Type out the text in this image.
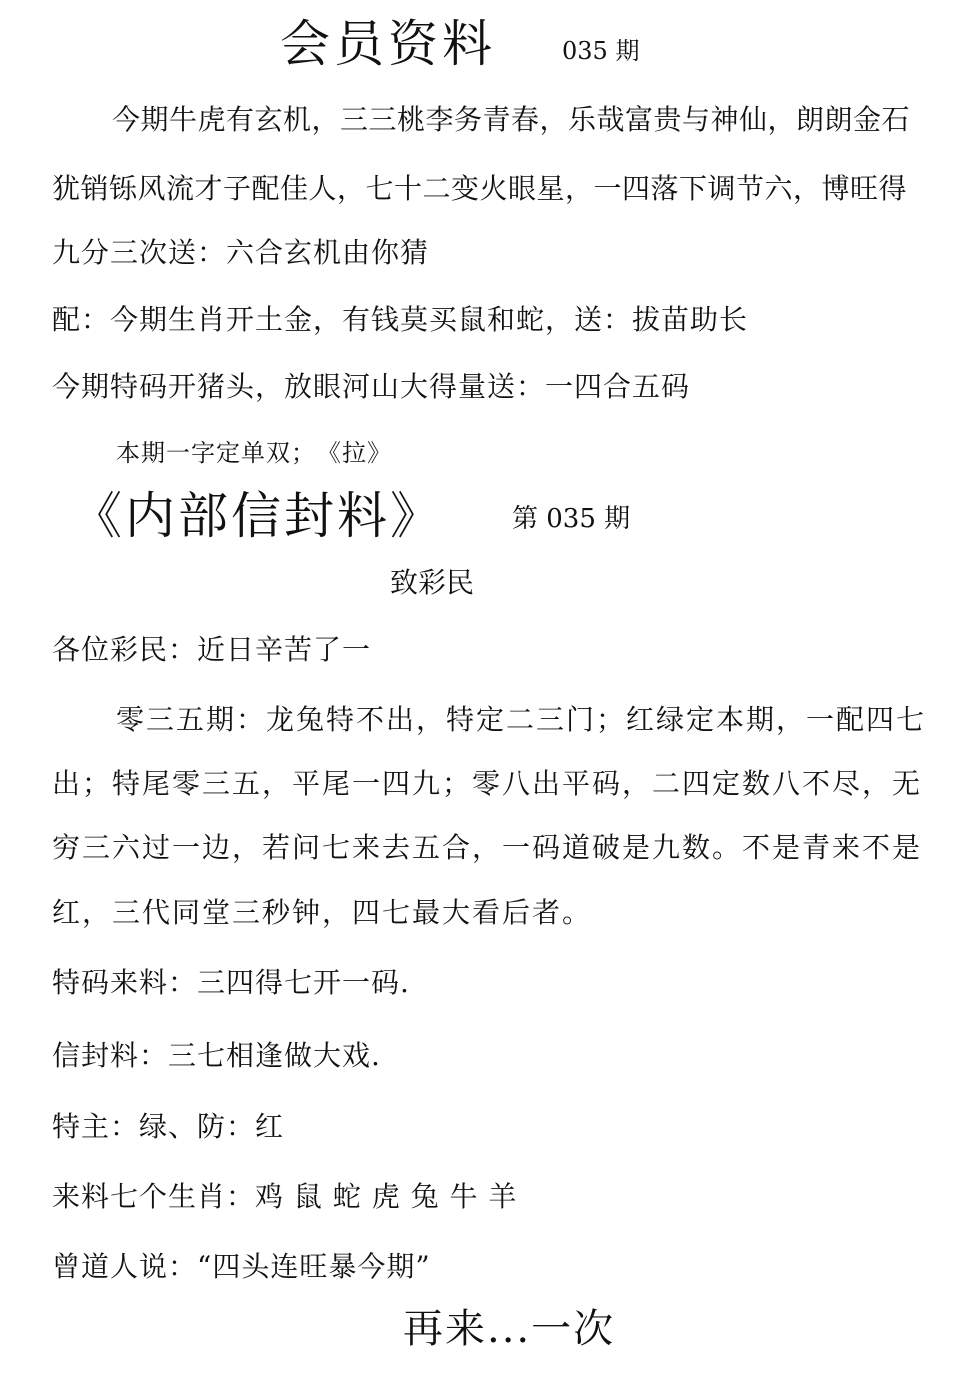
会员资料	035 期
今期牛虎有玄机，三三桃李务青春，乐哉富贵与神仙，朗朗金石
犹销铄风流才子配佳人，七十二变火眼星，一四落下调节六，博旺得
九分三次送：六合玄机由你猜
配：今期生肖开土金，有钱莫买鼠和蛇，送：拔苗助长
今期特码开猪头，放眼河山大得量送：一四合五码
本期一字定单双；　《拉》
《内部信封料》	第 035 期
致彩民
各位彩民：近日辛苦了一
零三五期：龙兔特不出，特定二三门；红绿定本期，一配四七
出；特尾零三五，平尾一四九；零八出平码，二四定数八不尽，无
穷三六过一边，若问七来去五合，一码道破是九数。不是青来不是
红，三代同堂三秒钟，四七最大看后者。
特码来料：三四得七开一码.
信封料：三七相逢做大戏.
特主：绿、防：红
来料七个生肖：鸡 鼠 蛇 虎 兔 牛 羊
曾道人说：“四头连旺暴今期”
再来...一次
